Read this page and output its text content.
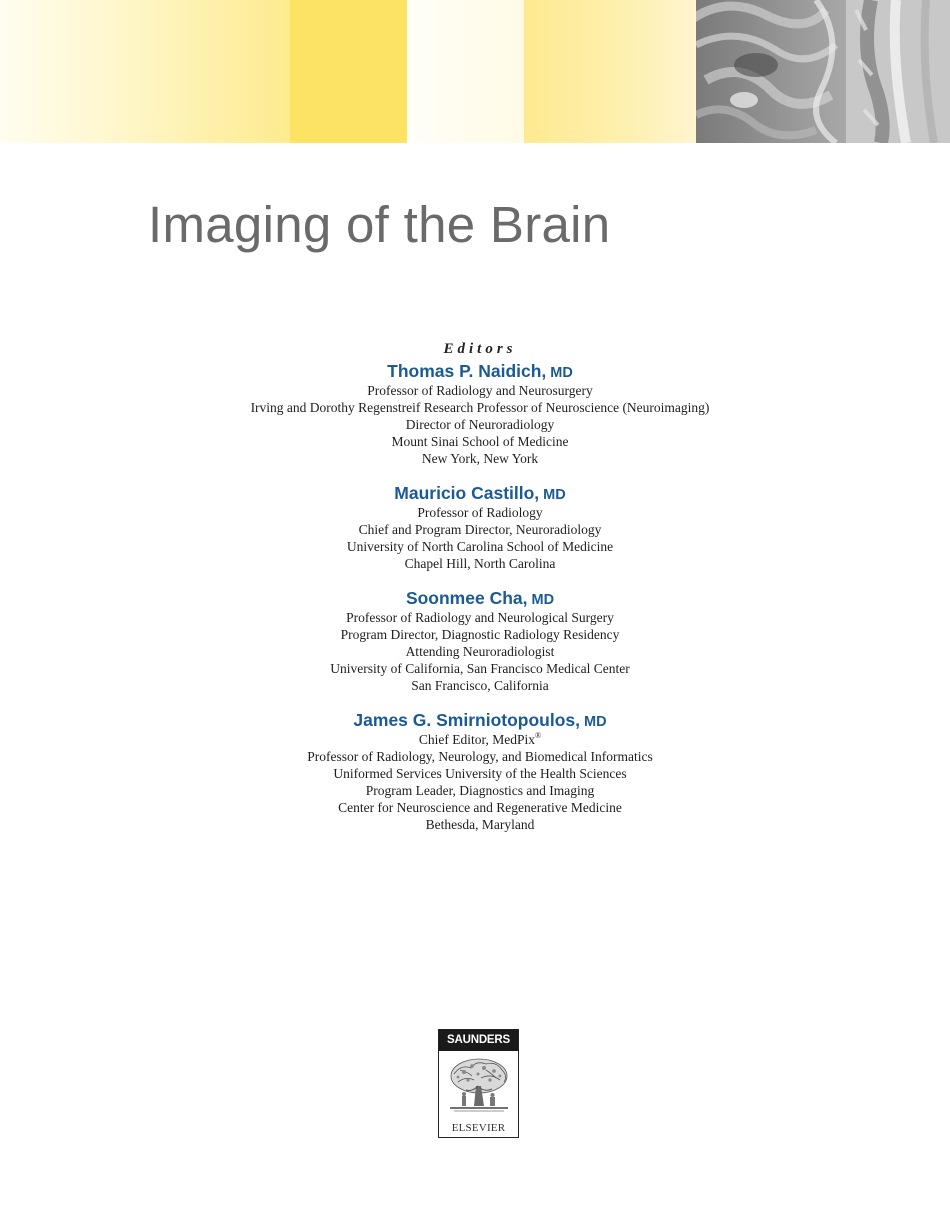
Imaging of the Brain
Editors
Thomas P. Naidich, MD
Professor of Radiology and Neurosurgery
Irving and Dorothy Regenstreif Research Professor of Neuroscience (Neuroimaging)
Director of Neuroradiology
Mount Sinai School of Medicine
New York, New York
Mauricio Castillo, MD
Professor of Radiology
Chief and Program Director, Neuroradiology
University of North Carolina School of Medicine
Chapel Hill, North Carolina
Soonmee Cha, MD
Professor of Radiology and Neurological Surgery
Program Director, Diagnostic Radiology Residency
Attending Neuroradiologist
University of California, San Francisco Medical Center
San Francisco, California
James G. Smirniotopoulos, MD
Chief Editor, MedPix®
Professor of Radiology, Neurology, and Biomedical Informatics
Uniformed Services University of the Health Sciences
Program Leader, Diagnostics and Imaging
Center for Neuroscience and Regenerative Medicine
Bethesda, Maryland
SAUNDERS
ELSEVIER
